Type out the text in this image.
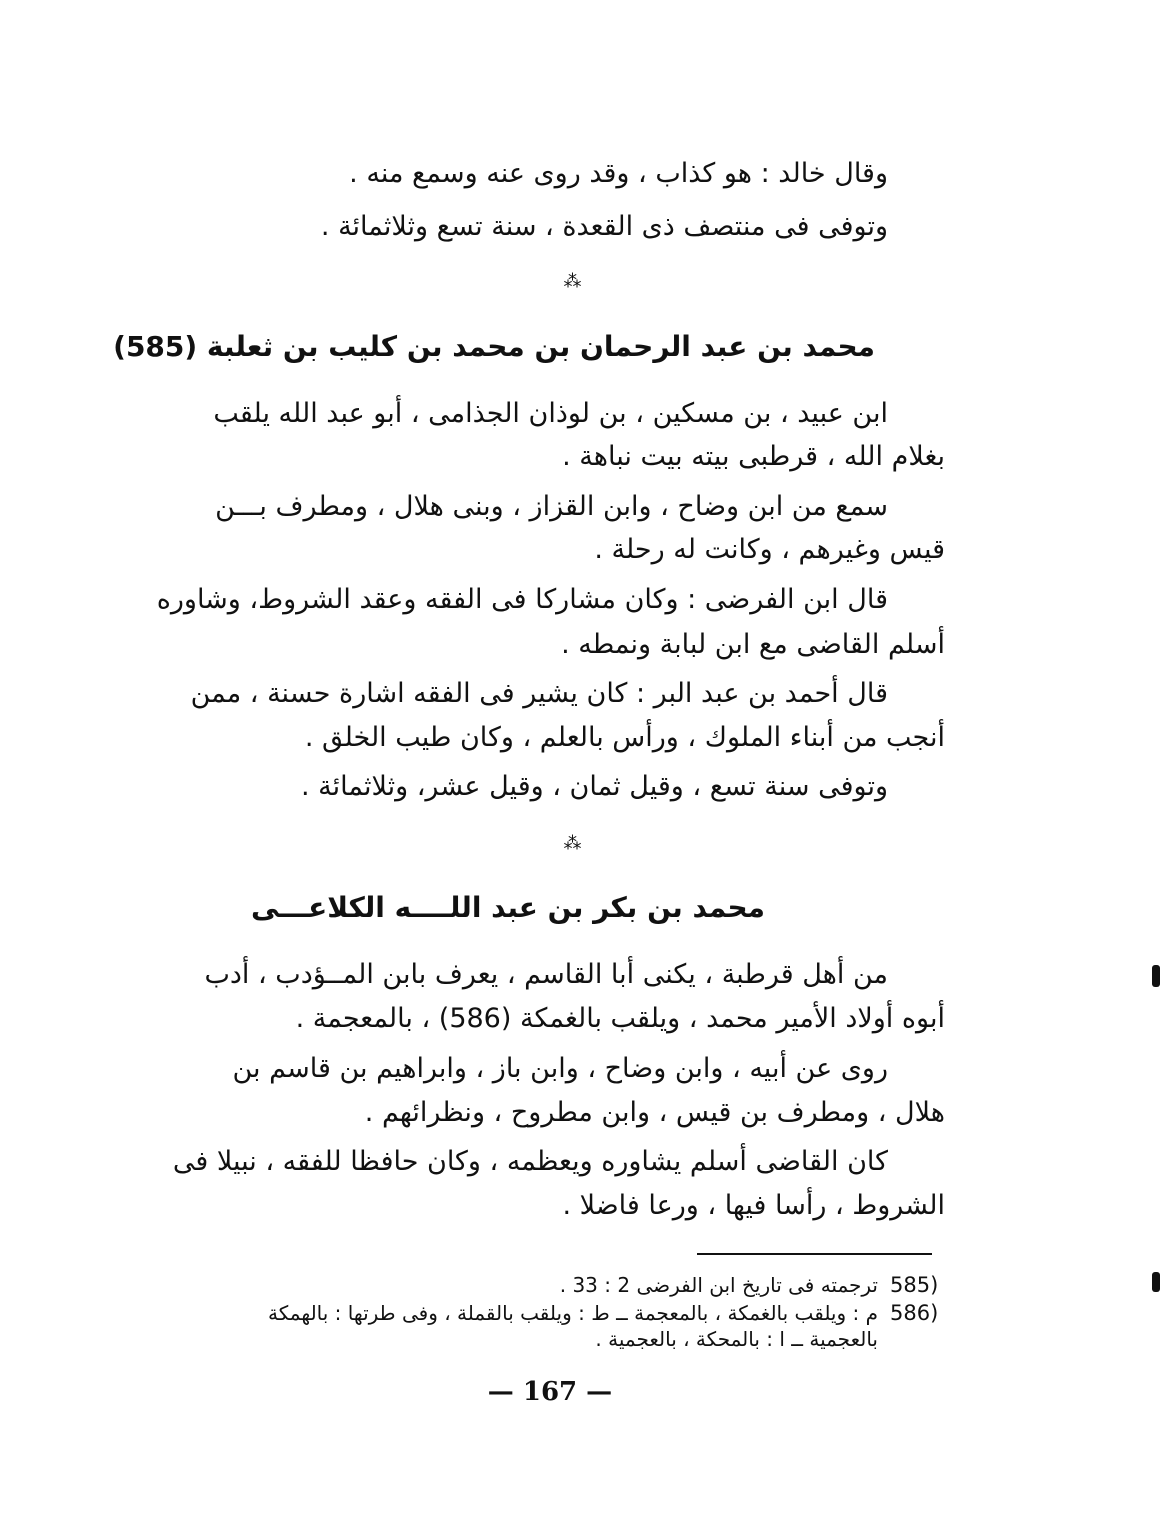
وقال خالد : هو كذاب ، وقد روى عنه وسمع منه .
وتوفى فى منتصف ذى القعدة ، سنة تسع وثلاثمائة .
⁂
محمد بن عبد الرحمان بن محمد بن كليب بن ثعلبة (585)
ابن عبيد ، بن مسكين ، بن لوذان الجذامى ، أبو عبد الله يلقب
بغلام الله ، قرطبى بيته بيت نباهة .
سمع من ابن وضاح ، وابن القزاز ، وبنى هلال ، ومطرف بـــن
قيس وغيرهم ، وكانت له رحلة .
قال ابن الفرضى : وكان مشاركا فى الفقه وعقد الشروط، وشاوره
أسلم القاضى مع ابن لبابة ونمطه .
قال أحمد بن عبد البر : كان يشير فى الفقه اشارة حسنة ، ممن
أنجب من أبناء الملوك ، ورأس بالعلم ، وكان طيب الخلق .
وتوفى سنة تسع ، وقيل ثمان ، وقيل عشر، وثلاثمائة .
⁂
محمد بن بكر بن عبد اللــــه الكلاعـــى
من أهل قرطبة ، يكنى أبا القاسم ، يعرف بابن المــؤدب ، أدب
أبوه أولاد الأمير محمد ، ويلقب بالغمكة (586) ، بالمعجمة .
روى عن أبيه ، وابن وضاح ، وابن باز ، وابراهيم بن قاسم بن
هلال ، ومطرف بن قيس ، وابن مطروح ، ونظرائهم .
كان القاضى أسلم يشاوره ويعظمه ، وكان حافظا للفقه ، نبيلا فى
الشروط ، رأسا فيها ، ورعا فاضلا .
585)
ترجمته فى تاريخ ابن الفرضى 2 : 33 .
586)
م : ويلقب بالغمكة ، بالمعجمة ــ ط : ويلقب بالقملة ، وفى طرتها : بالهمكة
بالعجمية ــ ا : بالمحكة ، بالعجمية .
— 167 —
